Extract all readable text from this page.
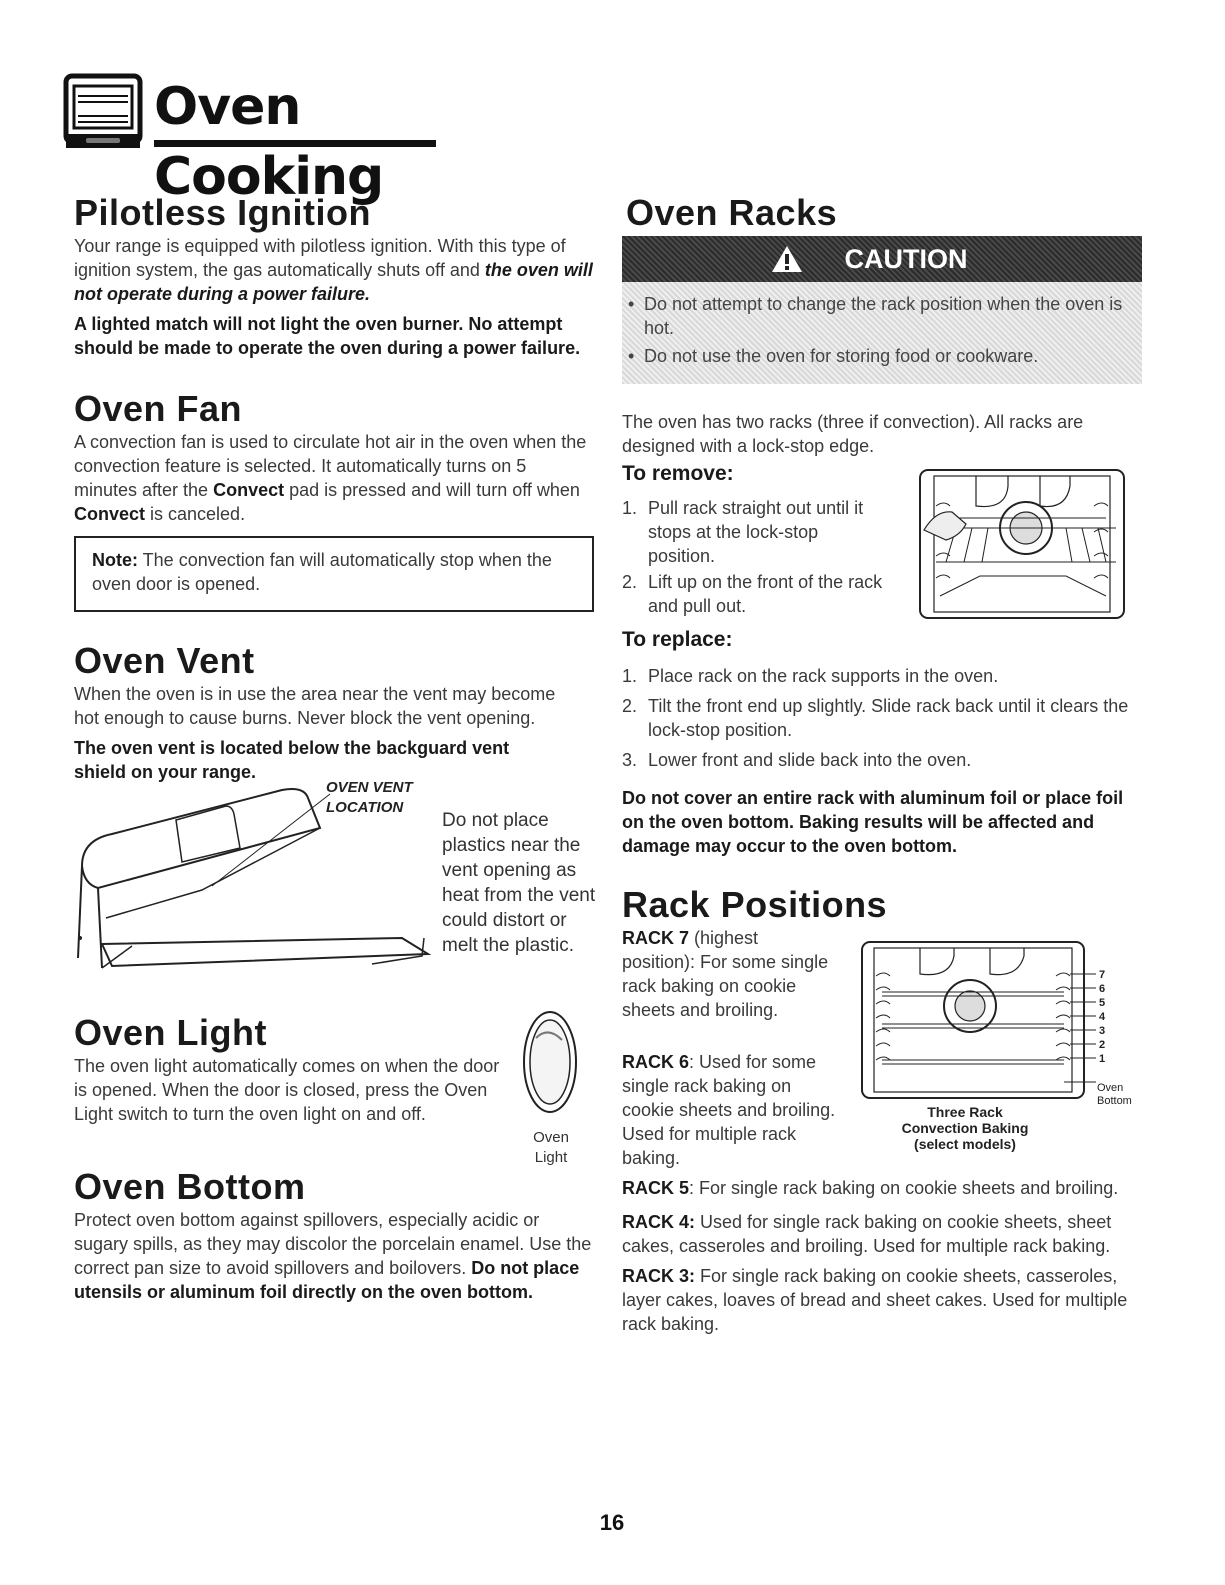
Oven Cooking
Pilotless Ignition

Your range is equipped with pilotless ignition. With this type of ignition system, the gas automatically shuts off and the oven will not operate during a power failure.

A lighted match will not light the oven burner. No attempt should be made to operate the oven during a power failure.

Oven Fan

A convection fan is used to circulate hot air in the oven when the convection feature is selected. It automatically turns on 5 minutes after the Convect pad is pressed and will turn off when Convect is canceled.

Note: The convection fan will automatically stop when the oven door is opened.

Oven Vent

When the oven is in use the area near the vent may become hot enough to cause burns. Never block the vent opening.

The oven vent is located below the backguard vent shield on your range.

OVEN VENT LOCATION

Do not place plastics near the vent opening as heat from the vent could distort or melt the plastic.

Oven Light

The oven light automatically comes on when the door is opened. When the door is closed, press the Oven Light switch to turn the oven light on and off.

Oven Light
Oven Bottom

Protect oven bottom against spillovers, especially acidic or sugary spills, as they may discolor the porcelain enamel. Use the correct pan size to avoid spillovers and boilovers. Do not place utensils or aluminum foil directly on the oven bottom.

Oven Racks
CAUTION
• Do not attempt to change the rack position when the oven is hot.
• Do not use the oven for storing food or cookware.

The oven has two racks (three if convection). All racks are designed with a lock-stop edge.

To remove:
1. Pull rack straight out until it stops at the lock-stop position.
2. Lift up on the front of the rack and pull out.
To replace:
1. Place rack on the rack supports in the oven.
2. Tilt the front end up slightly. Slide rack back until it clears the lock-stop position.
3. Lower front and slide back into the oven.

Do not cover an entire rack with aluminum foil or place foil on the oven bottom. Baking results will be affected and damage may occur to the oven bottom.

Rack Positions

RACK 7 (highest position): For some single rack baking on cookie sheets and broiling.

RACK 6: Used for some single rack baking on cookie sheets and broiling. Used for multiple rack baking.

7
6
5
4
3
2
1
Oven Bottom
Three Rack
Convection Baking
(select models)

RACK 5: For single rack baking on cookie sheets and broiling.

RACK 4: Used for single rack baking on cookie sheets, sheet cakes, casseroles and broiling. Used for multiple rack baking.

RACK 3: For single rack baking on cookie sheets, casseroles, layer cakes, loaves of bread and sheet cakes. Used for multiple rack baking.

16
